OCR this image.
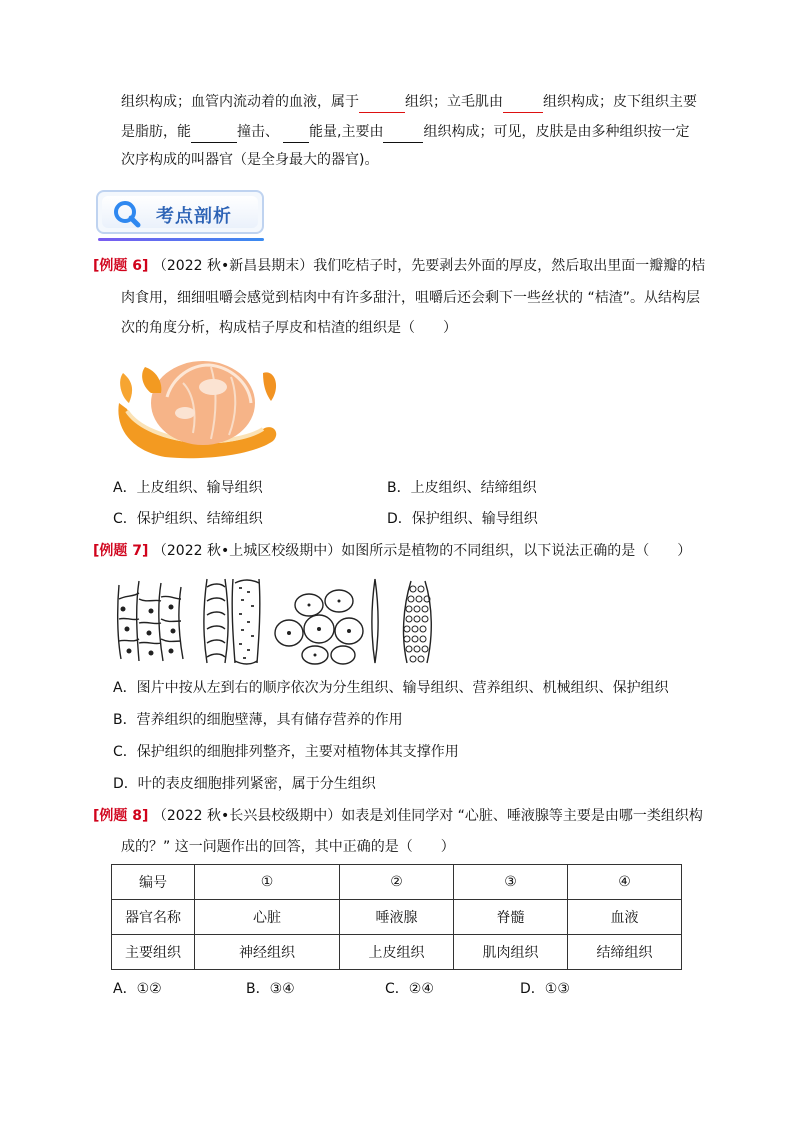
组织构成；血管内流动着的血液，属于	组织；立毛肌由	组织构成；皮下组织主要
是脂肪，能	撞击、 能量,主要由	组织构成；可见，皮肤是由多种组织按一定
次序构成的叫器官（是全身最大的器官)。
考点剖析
[例题 6] （2022 秋•新昌县期末）我们吃桔子时，先要剥去外面的厚皮，然后取出里面一瓣瓣的桔
肉食用，细细咀嚼会感觉到桔肉中有许多甜汁，咀嚼后还会剩下一些丝状的 “桔渣”。从结构层
次的角度分析，构成桔子厚皮和桔渣的组织是（　　）
A．上皮组织、输导组织	B．上皮组织、结缔组织
C．保护组织、结缔组织	D．保护组织、输导组织
[例题 7] （2022 秋•上城区校级期中）如图所示是植物的不同组织，以下说法正确的是（　　）
A．图片中按从左到右的顺序依次为分生组织、输导组织、营养组织、机械组织、保护组织
B．营养组织的细胞壁薄，具有储存营养的作用
C．保护组织的细胞排列整齐，主要对植物体其支撑作用
D．叶的表皮细胞排列紧密，属于分生组织
[例题 8] （2022 秋•长兴县校级期中）如表是刘佳同学对 “心脏、唾液腺等主要是由哪一类组织构
成的？” 这一问题作出的回答，其中正确的是（　　）
编号	①	②	③	④
器官名称	心脏	唾液腺	脊髓	血液
主要组织	神经组织	上皮组织	肌肉组织	结缔组织
A．①②	B．③④	C．②④	D．①③
